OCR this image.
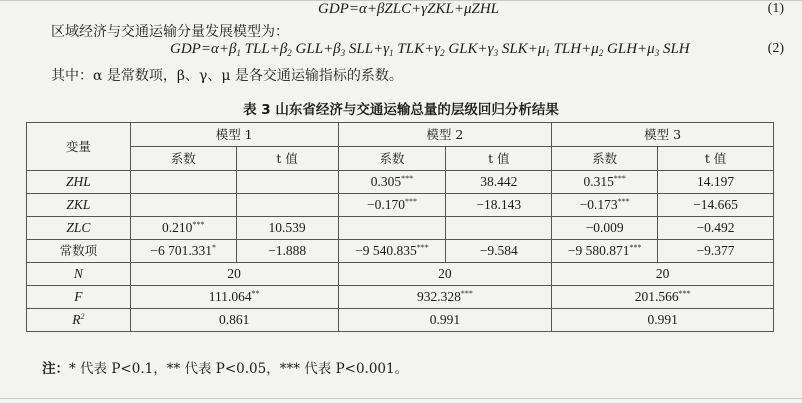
GDP=α+βZLC+γZKL+μZHL	(1)
区域经济与交通运输分量发展模型为：
$GDP=\alpha+\beta_1$ $TLL+\beta_2$ $GLL+\beta_3$ $SLL+\gamma_1$ $TLK+\gamma_2$ $GLK+\gamma_3$ $SLK+\mu_1$ $TLH+\mu_2$ $GLH+\mu_3$ SLH	(2)
其中：α 是常数项，β、γ、μ 是各交通运输指标的系数。
表 3 山东省经济与交通运输总量的层级回归分析结果
变量	模型 1		模型 2		模型 3	
	系数	t 值	系数	t 值	系数	t 值
ZHL			0.305***	38.442	0.315***	14.197
ZKL			−0.170***	−18.143	−0.173***	−14.665
ZLC	0.210***	10.539			−0.009	−0.492
常数项	−6 701.331*	−1.888	−9 540.835***	−9.584	−9 580.871***	−9.377
N	20		20		20	
F	111.064**		932.328***		201.566***
$R^2$	0.861		0.991		0.991	
注：* 代表 P<0.1，** 代表 P<0.05，*** 代表 P<0.001。
